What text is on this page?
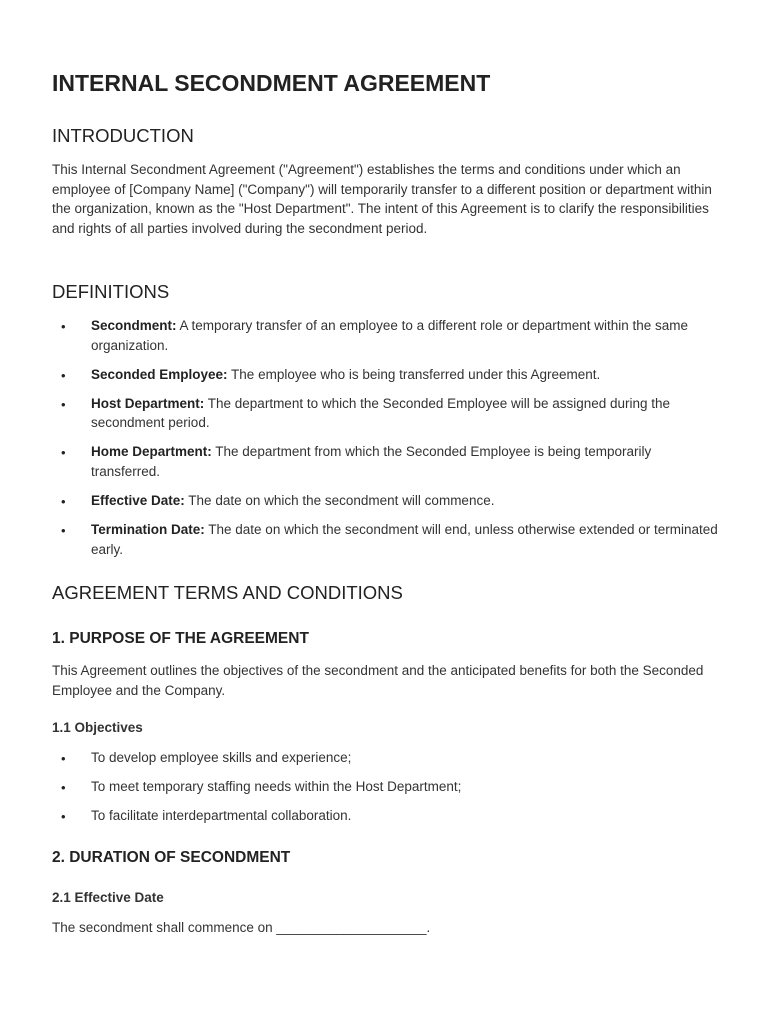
INTERNAL SECONDMENT AGREEMENT
INTRODUCTION

This Internal Secondment Agreement ("Agreement") establishes the terms and conditions under which an employee of [Company Name] ("Company") will temporarily transfer to a different position or department within the organization, known as the "Host Department". The intent of this Agreement is to clarify the responsibilities and rights of all parties involved during the secondment period.

DEFINITIONS
• Secondment: A temporary transfer of an employee to a different role or department within the same organization.
• Seconded Employee: The employee who is being transferred under this Agreement.
• Host Department: The department to which the Seconded Employee will be assigned during the secondment period.
• Home Department: The department from which the Seconded Employee is being temporarily transferred.
• Effective Date: The date on which the secondment will commence.
• Termination Date: The date on which the secondment will end, unless otherwise extended or terminated early.
AGREEMENT TERMS AND CONDITIONS
1. PURPOSE OF THE AGREEMENT

This Agreement outlines the objectives of the secondment and the anticipated benefits for both the Seconded Employee and the Company.

1.1 Objectives
• To develop employee skills and experience;
• To meet temporary staffing needs within the Host Department;
• To facilitate interdepartmental collaboration.
2. DURATION OF SECONDMENT
2.1 Effective Date

The secondment shall commence on ____________________.
